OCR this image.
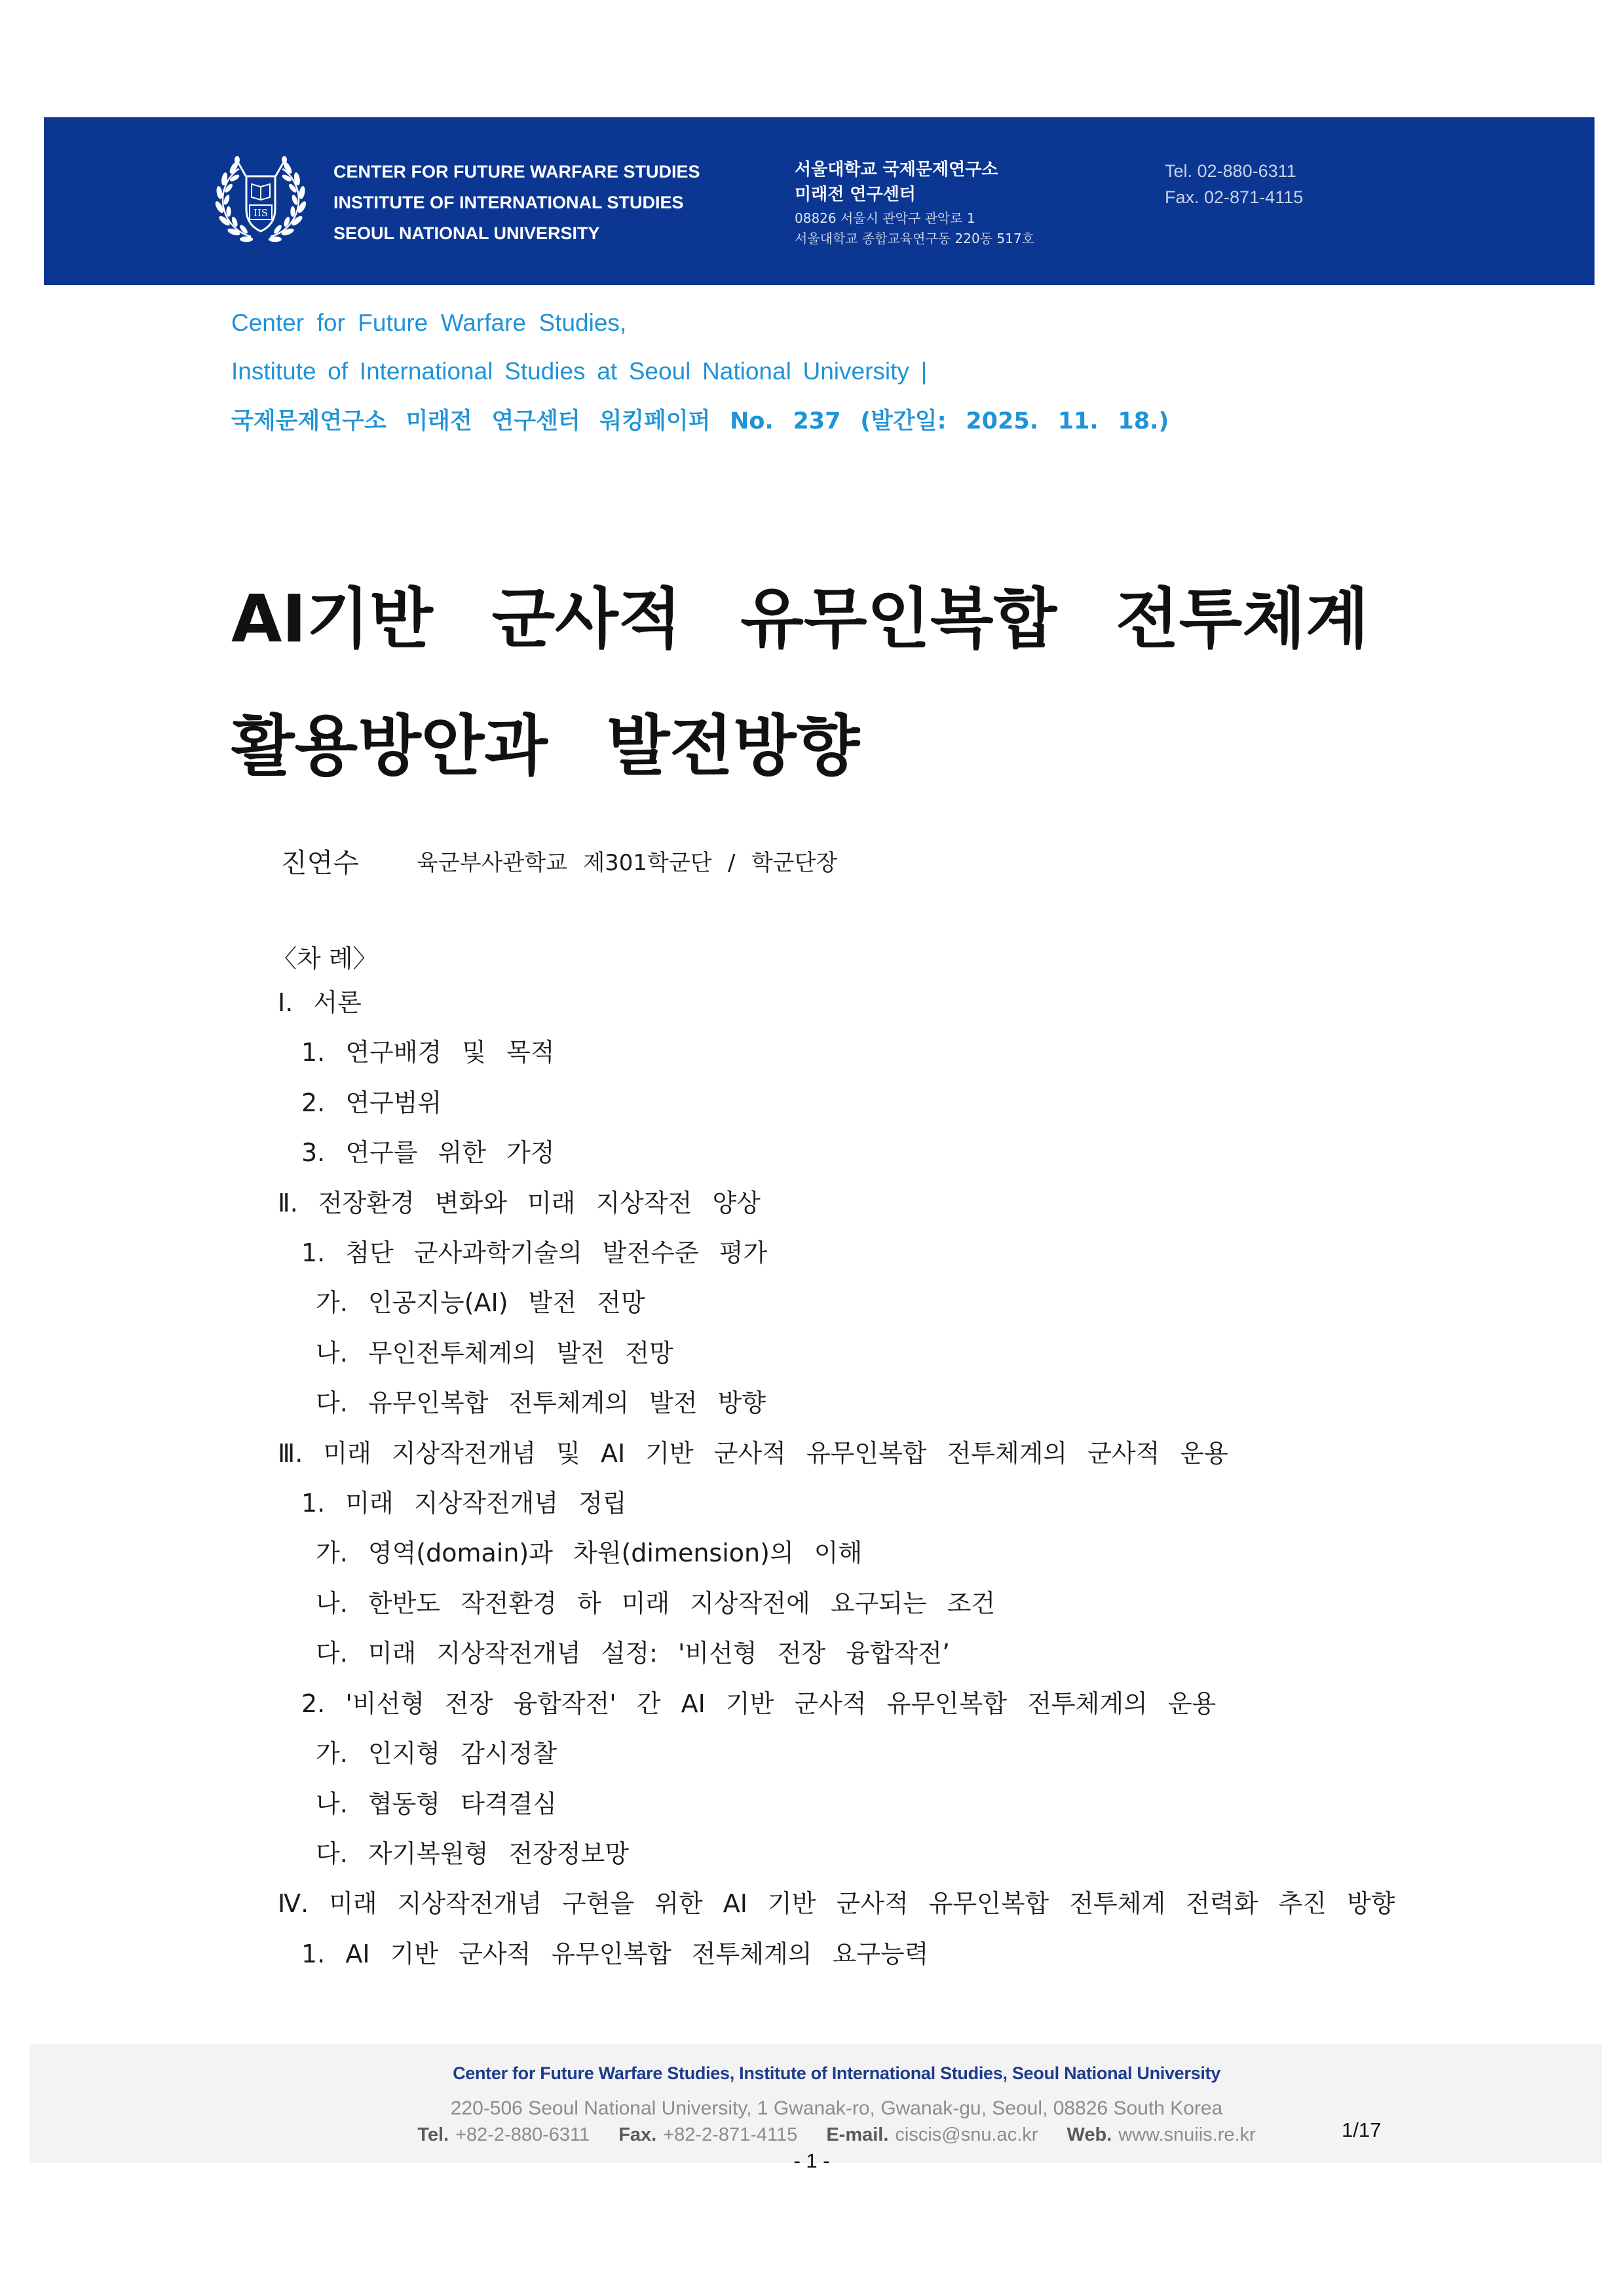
IIS
CENTER FOR FUTURE WARFARE STUDIES
INSTITUTE OF INTERNATIONAL STUDIES
SEOUL NATIONAL UNIVERSITY
서울대학교 국제문제연구소
미래전 연구센터
08826 서울시 관악구 관악로 1
서울대학교 종합교육연구동 220동 517호
Tel. 02-880-6311
Fax. 02-871-4115
Center for Future Warfare Studies,
Institute of International Studies at Seoul National University |
국제문제연구소 미래전 연구센터 워킹페이퍼 No. 237 (발간일: 2025. 11. 18.)
AI기반 군사적 유무인복합 전투체계
활용방안과 발전방향
진연수	육군부사관학교 제301학군단 / 학군단장
〈차 례〉
Ⅰ. 서론
1. 연구배경 및 목적
2. 연구범위
3. 연구를 위한 가정
Ⅱ. 전장환경 변화와 미래 지상작전 양상
1. 첨단 군사과학기술의 발전수준 평가
가. 인공지능(AI) 발전 전망
나. 무인전투체계의 발전 전망
다. 유무인복합 전투체계의 발전 방향
Ⅲ. 미래 지상작전개념 및 AI 기반 군사적 유무인복합 전투체계의 군사적 운용
1. 미래 지상작전개념 정립
가. 영역(domain)과 차원(dimension)의 이해
나. 한반도 작전환경 하 미래 지상작전에 요구되는 조건
다. 미래 지상작전개념 설정: '비선형 전장 융합작전’
2. '비선형 전장 융합작전' 간 AI 기반 군사적 유무인복합 전투체계의 운용
가. 인지형 감시정찰
나. 협동형 타격결심
다. 자기복원형 전장정보망
Ⅳ. 미래 지상작전개념 구현을 위한 AI 기반 군사적 유무인복합 전투체계 전력화 추진 방향
1. AI 기반 군사적 유무인복합 전투체계의 요구능력
Center for Future Warfare Studies, Institute of International Studies, Seoul National University
220-506 Seoul National University, 1 Gwanak-ro, Gwanak-gu, Seoul, 08826 South Korea
Tel. +82-2-880-6311 Fax. +82-2-871-4115 E-mail. ciscis@snu.ac.kr Web. www.snuiis.re.kr	1/17
- 1 -
